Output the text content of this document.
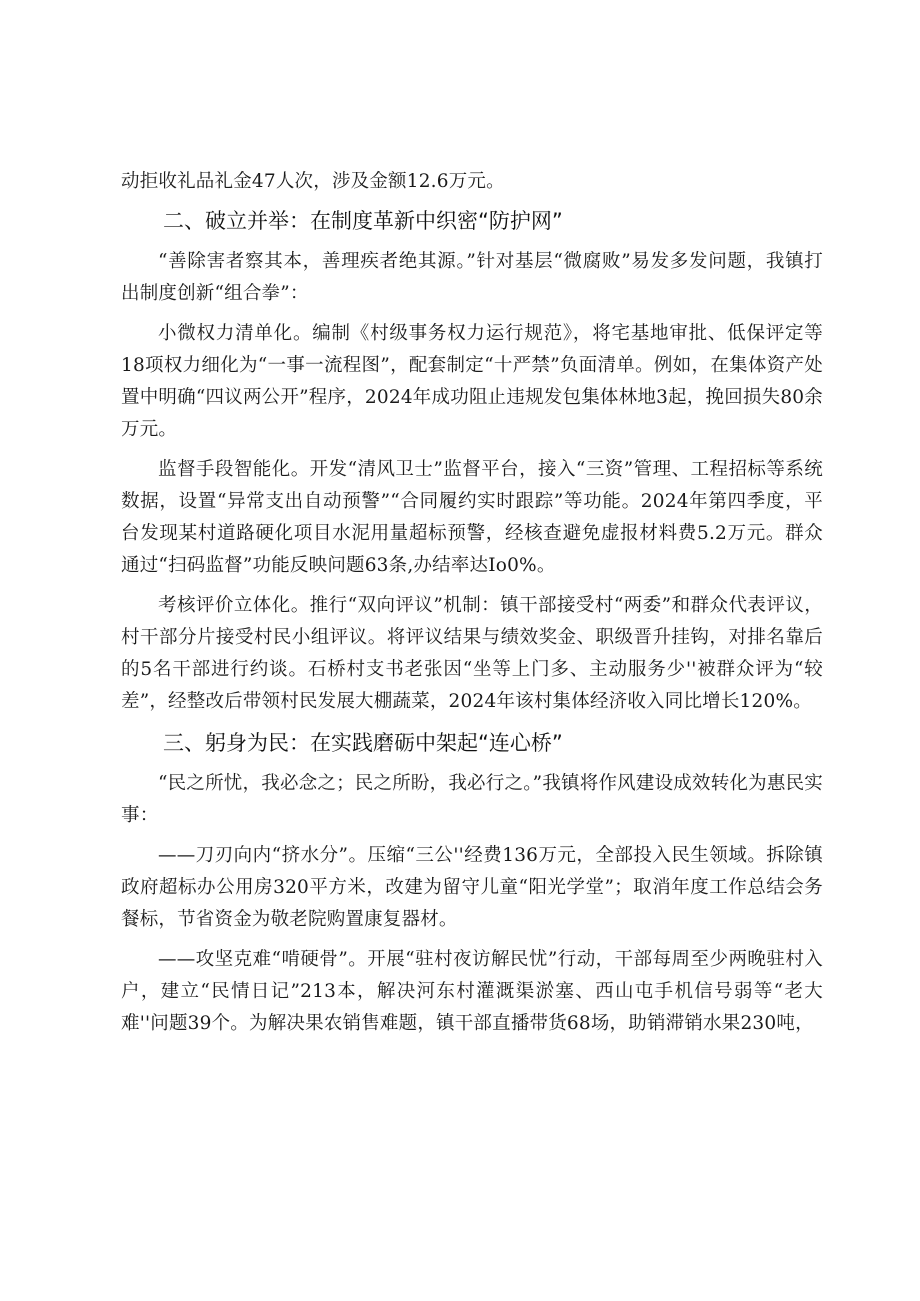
动拒收礼品礼金47人次，涉及金额12.6万元。

二、破立并举：在制度革新中织密“防护网”

“善除害者察其本，善理疾者绝其源。”针对基层“微腐败”易发多发问题，我镇打出制度创新“组合拳”：

小微权力清单化。编制《村级事务权力运行规范》，将宅基地审批、低保评定等18项权力细化为“一事一流程图”，配套制定“十严禁”负面清单。例如，在集体资产处置中明确“四议两公开”程序，2024年成功阻止违规发包集体林地3起，挽回损失80余万元。

监督手段智能化。开发“清风卫士”监督平台，接入“三资”管理、工程招标等系统数据，设置“异常支出自动预警”“合同履约实时跟踪”等功能。2024年第四季度，平台发现某村道路硬化项目水泥用量超标预警，经核查避免虚报材料费5.2万元。群众通过“扫码监督”功能反映问题63条,办结率达Io0%。

考核评价立体化。推行“双向评议”机制：镇干部接受村“两委”和群众代表评议，村干部分片接受村民小组评议。将评议结果与绩效奖金、职级晋升挂钩，对排名靠后的5名干部进行约谈。石桥村支书老张因“坐等上门多、主动服务少''被群众评为“较差”，经整改后带领村民发展大棚蔬菜，2024年该村集体经济收入同比增长120%。

三、躬身为民：在实践磨砺中架起“连心桥”

“民之所忧，我必念之；民之所盼，我必行之。”我镇将作风建设成效转化为惠民实事：

——刀刃向内“挤水分”。压缩“三公''经费136万元，全部投入民生领域。拆除镇政府超标办公用房320平方米，改建为留守儿童“阳光学堂”；取消年度工作总结会务餐标，节省资金为敬老院购置康复器材。

——攻坚克难“啃硬骨”。开展“驻村夜访解民忧”行动，干部每周至少两晚驻村入户，建立“民情日记”213本，解决河东村灌溉渠淤塞、西山屯手机信号弱等“老大难''问题39个。为解决果农销售难题，镇干部直播带货68场，助销滞销水果230吨，
